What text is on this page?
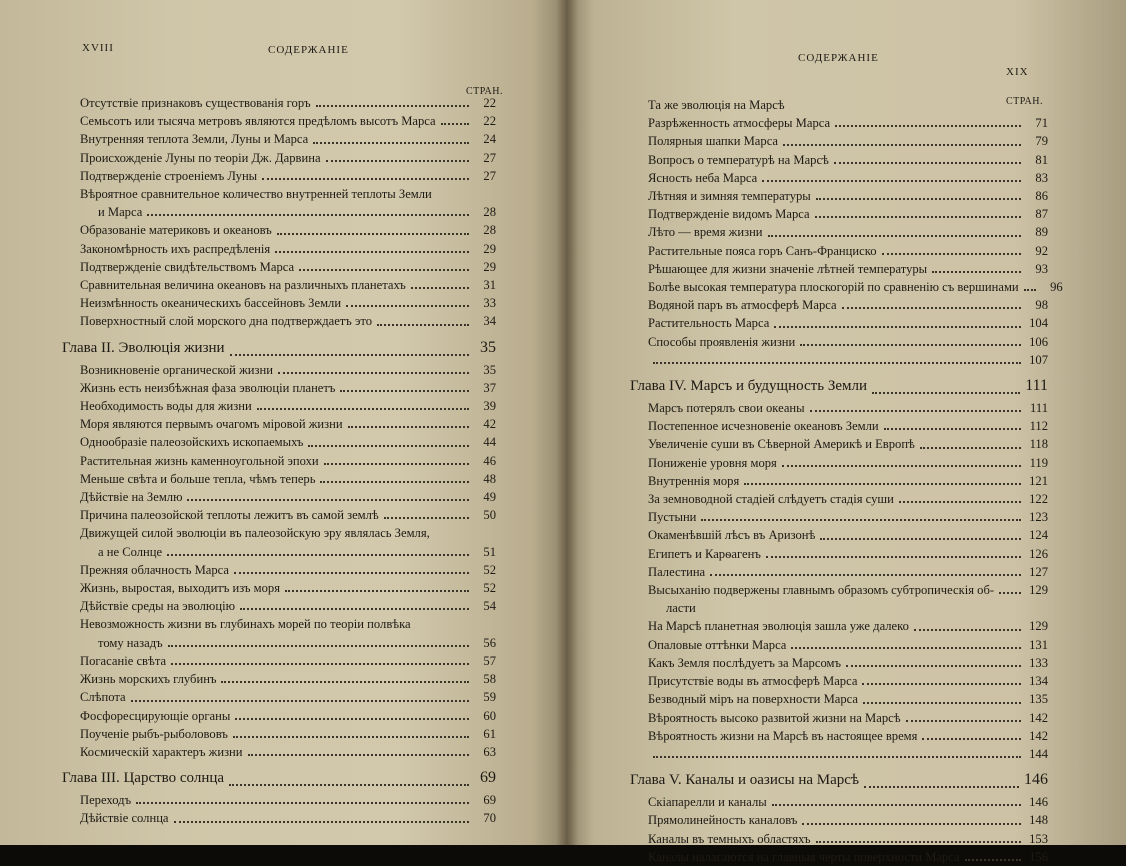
XVIII	СОДЕРЖАНІЕ
СТРАН.
Отсутствіе признаковъ существованія горъ	22
Семьсотъ или тысяча метровъ являются предѣломъ высотъ Марса	22
Внутренняя теплота Земли, Луны и Марса	24
Происхожденіе Луны по теоріи Дж. Дарвина	27
Подтвержденіе строеніемъ Луны	27
Вѣроятное сравнительное количество внутренней теплоты Земли
и Марса	28
Образованіе материковъ и океановъ	28
Закономѣрность ихъ распредѣленія	29
Подтвержденіе свидѣтельствомъ Марса	29
Сравнительная величина океановъ на различныхъ планетахъ	31
Неизмѣнность океаническихъ бассейновъ Земли	33
Поверхностный слой морского дна подтверждаетъ это	34
Глава II. Эволюція жизни	35
Возникновеніе органической жизни	35
Жизнь есть неизбѣжная фаза эволюціи планетъ	37
Необходимость воды для жизни	39
Моря являются первымъ очагомъ міровой жизни	42
Однообразіе палеозойскихъ ископаемыхъ	44
Растительная жизнь каменноугольной эпохи	46
Меньше свѣта и больше тепла, чѣмъ теперь	48
Дѣйствіе на Землю	49
Причина палеозойской теплоты лежитъ въ самой землѣ	50
Движущей силой эволюціи въ палеозойскую эру являлась Земля,
а не Солнце	51
Прежняя облачность Марса	52
Жизнь, выростая, выходитъ изъ моря	52
Дѣйствіе среды на эволюцію	54
Невозможность жизни въ глубинахъ морей по теоріи полвѣка
тому назадъ	56
Погасаніе свѣта	57
Жизнь морскихъ глубинъ	58
Слѣпота	59
Фосфоресцирующіе органы	60
Поученіе рыбъ-рыболововъ	61
Космическій характеръ жизни	63
Глава III. Царство солнца	69
Переходъ	69
Дѣйствіе солнца	70
СОДЕРЖАНІЕ
XIX
СТРАН.
Та же эволюція на Марсѣ
Разрѣженность атмосферы Марса	71
Полярныя шапки Марса	79
Вопросъ о температурѣ на Марсѣ	81
Ясность неба Марса	83
Лѣтняя и зимняя температуры	86
Подтвержденіе видомъ Марса	87
Лѣто — время жизни	89
Растительные пояса горъ Санъ-Франциско	92
Рѣшающее для жизни значеніе лѣтней температуры	93
Болѣе высокая температура плоскогорій по сравненію съ вершинами	96
Водяной паръ въ атмосферѣ Марса	98
Растительность Марса	104
Способы проявленія жизни	106
107
Глава IV. Марсъ и будущность Земли	111
Марсъ потерялъ свои океаны	111
Постепенное исчезновеніе океановъ Земли	112
Увеличеніе суши въ Сѣверной Америкѣ и Европѣ	118
Пониженіе уровня моря	119
Внутреннія моря	121
За земноводной стадіей слѣдуетъ стадія суши	122
Пустыни	123
Окаменѣвшій лѣсъ въ Аризонѣ	124
Египетъ и Карѳагенъ	126
Палестина	127
Высыханію подвержены главнымъ образомъ субтропическія об-	129
ласти
На Марсѣ планетная эволюція зашла уже далеко	129
Опаловые оттѣнки Марса	131
Какъ Земля послѣдуетъ за Марсомъ	133
Присутствіе воды въ атмосферѣ Марса	134
Безводный міръ на поверхности Марса	135
Вѣроятность высоко развитой жизни на Марсѣ	142
Вѣроятность жизни на Марсѣ въ настоящее время	142
144
Глава V. Каналы и оазисы на Марсѣ	146
Скіапарелли и каналы	146
Прямолинейность каналовъ	148
Каналы въ темныхъ областяхъ	153
Каналы налагаются на главныя черты поверхности Марса	156
